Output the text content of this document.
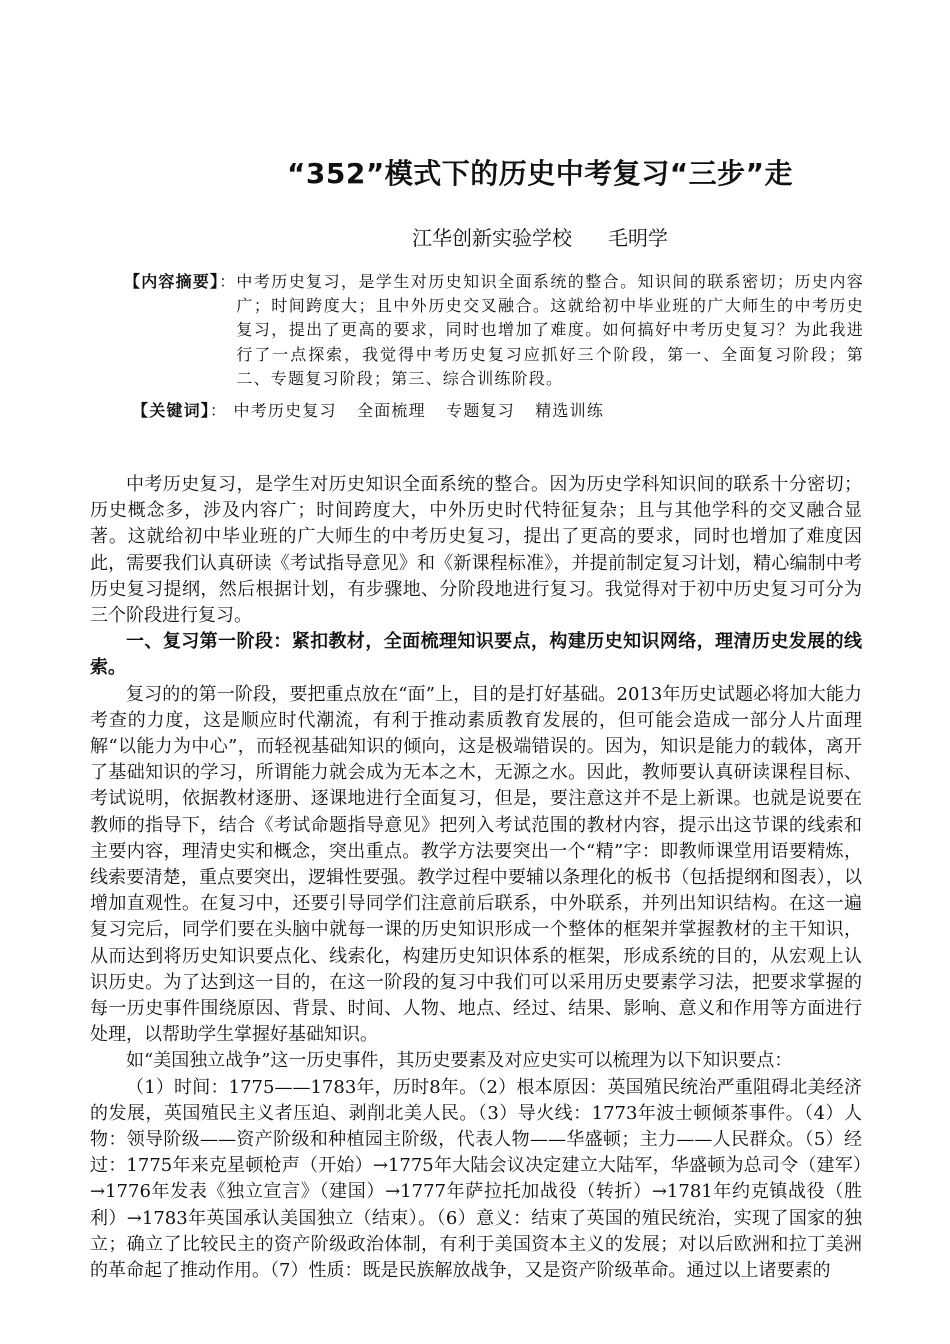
“352”模式下的历史中考复习“三步”走
江华创新实验学校 毛明学
【内容摘要】： 中考历史复习，是学生对历史知识全面系统的整合。知识间的联系密切；历史内容广；时间跨度大；且中外历史交叉融合。这就给初中毕业班的广大师生的中考历史复习，提出了更高的要求，同时也增加了难度。如何搞好中考历史复习？为此我进行了一点探索，我觉得中考历史复习应抓好三个阶段，第一、全面复习阶段；第二、专题复习阶段；第三、综合训练阶段。
【关键词】： 中考历史复习 全面梳理 专题复习 精选训练

中考历史复习，是学生对历史知识全面系统的整合。因为历史学科知识间的联系十分密切；历史概念多，涉及内容广；时间跨度大，中外历史时代特征复杂；且与其他学科的交叉融合显著。这就给初中毕业班的广大师生的中考历史复习，提出了更高的要求，同时也增加了难度因此，需要我们认真研读《考试指导意见》和《新课程标准》，并提前制定复习计划，精心编制中考历史复习提纲，然后根据计划，有步骤地、分阶段地进行复习。我觉得对于初中历史复习可分为三个阶段进行复习。

一、复习第一阶段：紧扣教材，全面梳理知识要点，构建历史知识网络，理清历史发展的线索。

复习的的第一阶段，要把重点放在“面”上，目的是打好基础。2013年历史试题必将加大能力考查的力度，这是顺应时代潮流，有利于推动素质教育发展的，但可能会造成一部分人片面理解“以能力为中心”，而轻视基础知识的倾向，这是极端错误的。因为，知识是能力的载体，离开了基础知识的学习，所谓能力就会成为无本之木，无源之水。因此，教师要认真研读课程目标、考试说明，依据教材逐册、逐课地进行全面复习，但是，要注意这并不是上新课。也就是说要在教师的指导下，结合《考试命题指导意见》把列入考试范围的教材内容，提示出这节课的线索和主要内容，理清史实和概念，突出重点。教学方法要突出一个“精”字：即教师课堂用语要精炼，线索要清楚，重点要突出，逻辑性要强。教学过程中要辅以条理化的板书（包括提纲和图表），以增加直观性。在复习中，还要引导同学们注意前后联系，中外联系，并列出知识结构。在这一遍复习完后，同学们要在头脑中就每一课的历史知识形成一个整体的框架并掌握教材的主干知识，从而达到将历史知识要点化、线索化，构建历史知识体系的框架，形成系统的目的，从宏观上认识历史。为了达到这一目的，在这一阶段的复习中我们可以采用历史要素学习法，把要求掌握的每一历史事件围绕原因、背景、时间、人物、地点、经过、结果、影响、意义和作用等方面进行处理，以帮助学生掌握好基础知识。

如“美国独立战争”这一历史事件，其历史要素及对应史实可以梳理为以下知识要点：

（1）时间：1775——1783年，历时8年。（2）根本原因：英国殖民统治严重阻碍北美经济的发展，英国殖民主义者压迫、剥削北美人民。（3）导火线：1773年波士顿倾茶事件。（4）人物：领导阶级——资产阶级和种植园主阶级，代表人物——华盛顿；主力——人民群众。（5）经过：1775年来克星顿枪声（开始）→1775年大陆会议决定建立大陆军，华盛顿为总司令（建军）→1776年发表《独立宣言》（建国）→1777年萨拉托加战役（转折）→1781年约克镇战役（胜利）→1783年英国承认美国独立（结束）。（6）意义：结束了英国的殖民统治，实现了国家的独立；确立了比较民主的资产阶级政治体制，有利于美国资本主义的发展；对以后欧洲和拉丁美洲的革命起了推动作用。（7）性质：既是民族解放战争，又是资产阶级革命。通过以上诸要素的
